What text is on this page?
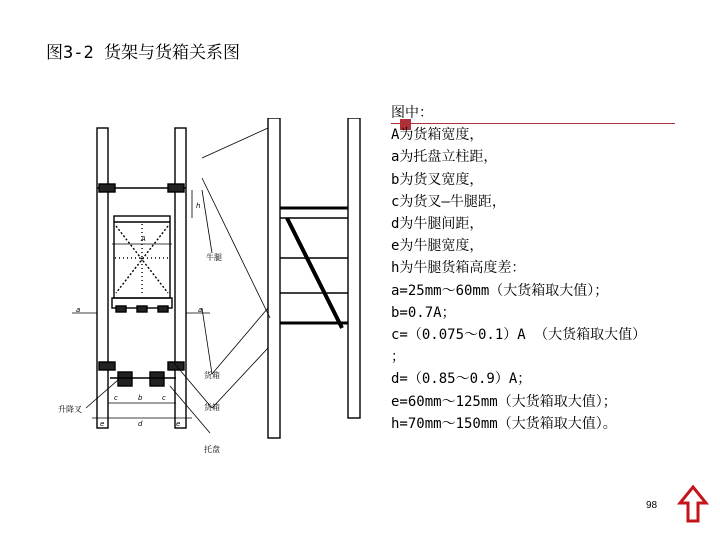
图3-2 货架与货箱关系图
牛腿
货箱
货箱
托盘
升降叉
A
h
a	a
c	b	c
e	d	e
图中：
A为货箱宽度，
a为托盘立柱距，
b为货叉宽度，
c为货叉—牛腿距，
d为牛腿间距，
e为牛腿宽度，
h为牛腿货箱高度差：
a=25mm～60mm（大货箱取大值）；
b=0.7A；
c=（0.075～0.1）A （大货箱取大值）
；
d=（0.85～0.9）A；
e=60mm～125mm（大货箱取大值）；
h=70mm～150mm（大货箱取大值）。
98
